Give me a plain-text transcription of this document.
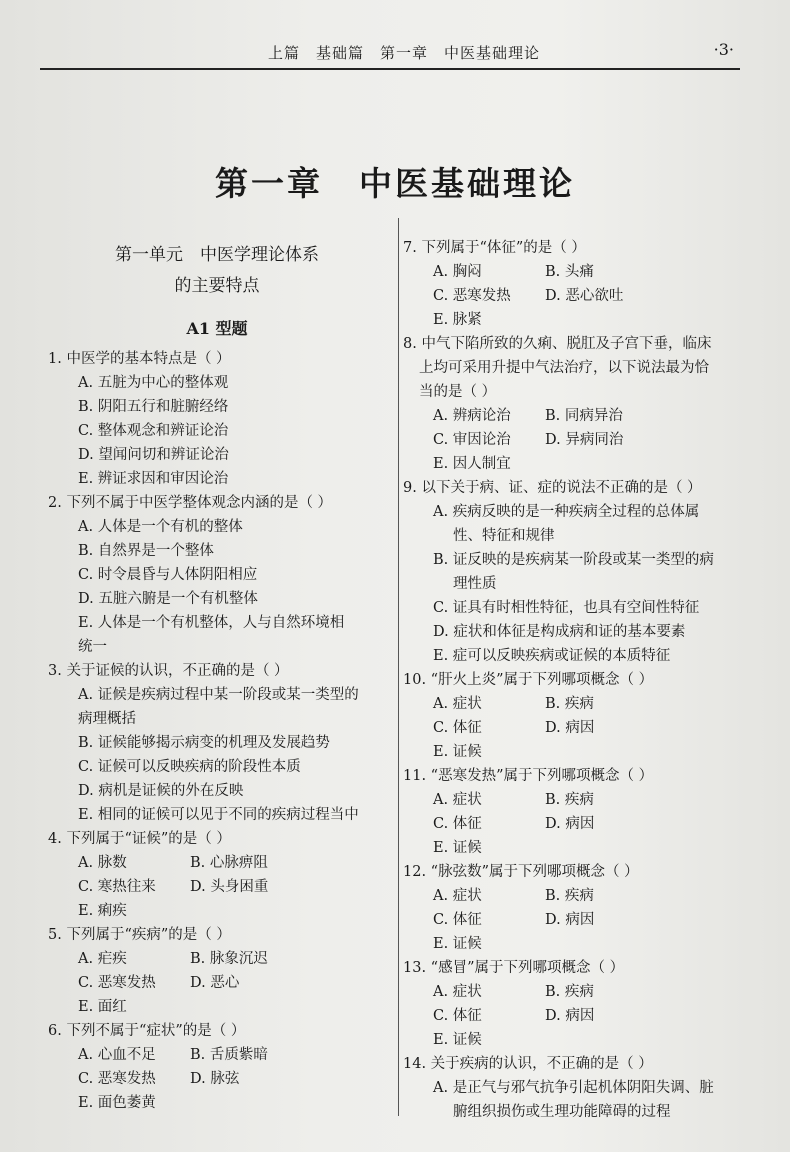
上篇　基础篇　第一章　中医基础理论	·3·
第一章　中医基础理论
第一单元　中医学理论体系
的主要特点
A1 型题
1. 中医学的基本特点是（ ）
A. 五脏为中心的整体观
B. 阴阳五行和脏腑经络
C. 整体观念和辨证论治
D. 望闻问切和辨证论治
E. 辨证求因和审因论治
2. 下列不属于中医学整体观念内涵的是（ ）
A. 人体是一个有机的整体
B. 自然界是一个整体
C. 时令晨昏与人体阴阳相应
D. 五脏六腑是一个有机整体
E. 人体是一个有机整体，人与自然环境相
统一
3. 关于证候的认识，不正确的是（ ）
A. 证候是疾病过程中某一阶段或某一类型的
病理概括
B. 证候能够揭示病变的机理及发展趋势
C. 证候可以反映疾病的阶段性本质
D. 病机是证候的外在反映
E. 相同的证候可以见于不同的疾病过程当中
4. 下列属于“证候”的是（ ）
A. 脉数	B. 心脉痹阻
C. 寒热往来	D. 头身困重
E. 痢疾
5. 下列属于“疾病”的是（ ）
A. 疟疾	B. 脉象沉迟
C. 恶寒发热	D. 恶心
E. 面红
6. 下列不属于“症状”的是（ ）
A. 心血不足	B. 舌质紫暗
C. 恶寒发热	D. 脉弦
E. 面色萎黄
7. 下列属于“体征”的是（ ）
A. 胸闷	B. 头痛
C. 恶寒发热	D. 恶心欲吐
E. 脉紧
8. 中气下陷所致的久痢、脱肛及子宫下垂，临床
上均可采用升提中气法治疗，以下说法最为恰
当的是（ ）
A. 辨病论治	B. 同病异治
C. 审因论治	D. 异病同治
E. 因人制宜
9. 以下关于病、证、症的说法不正确的是（ ）
A. 疾病反映的是一种疾病全过程的总体属
性、特征和规律
B. 证反映的是疾病某一阶段或某一类型的病
理性质
C. 证具有时相性特征，也具有空间性特征
D. 症状和体征是构成病和证的基本要素
E. 症可以反映疾病或证候的本质特征
10. “肝火上炎”属于下列哪项概念（ ）
A. 症状	B. 疾病
C. 体征	D. 病因
E. 证候
11. “恶寒发热”属于下列哪项概念（ ）
A. 症状	B. 疾病
C. 体征	D. 病因
E. 证候
12. “脉弦数”属于下列哪项概念（ ）
A. 症状	B. 疾病
C. 体征	D. 病因
E. 证候
13. “感冒”属于下列哪项概念（ ）
A. 症状	B. 疾病
C. 体征	D. 病因
E. 证候
14. 关于疾病的认识，不正确的是（ ）
A. 是正气与邪气抗争引起机体阴阳失调、脏
腑组织损伤或生理功能障碍的过程
